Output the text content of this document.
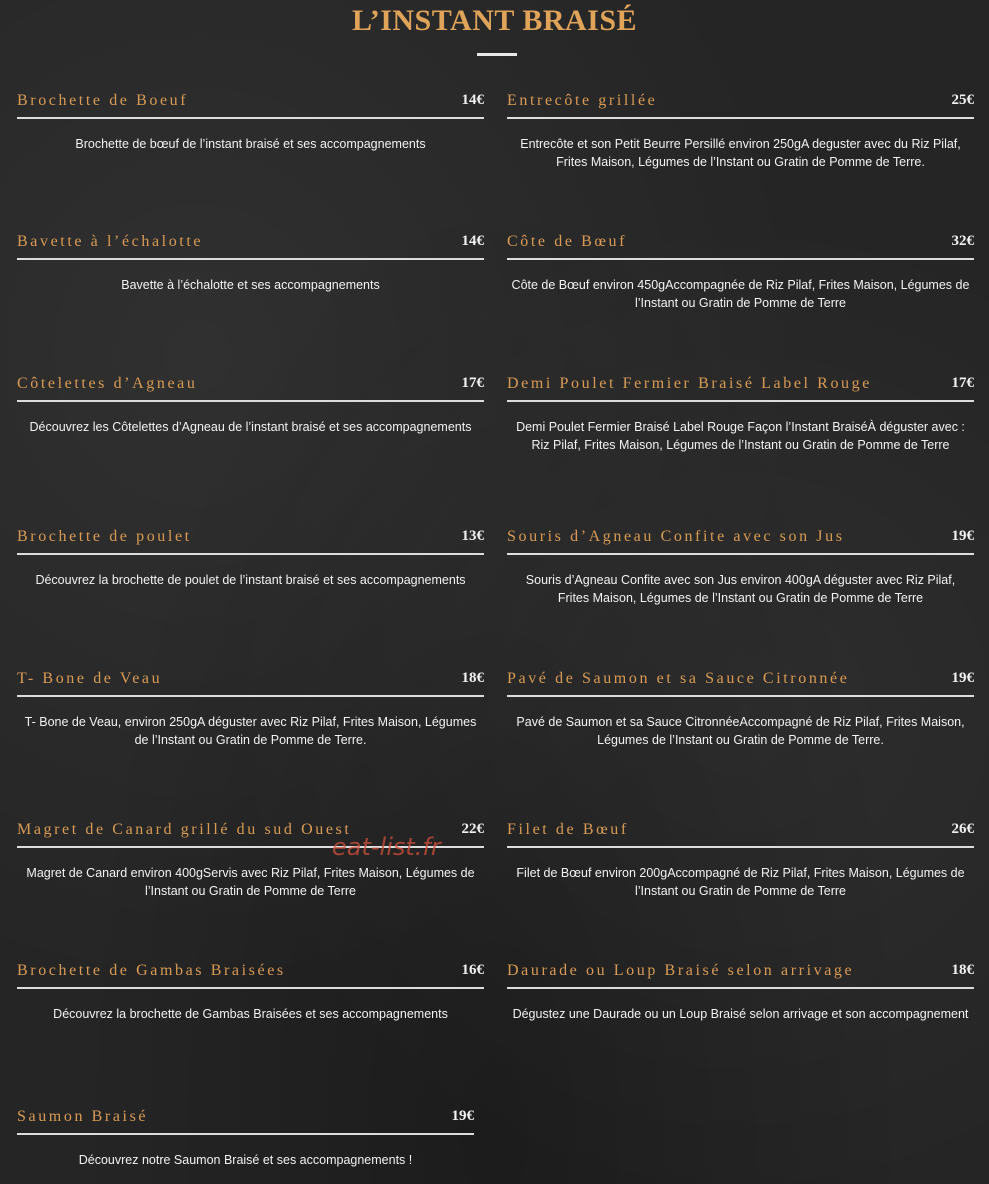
L’INSTANT BRAISÉ
Brochette de Boeuf	14€
Brochette de bœuf de l’instant braisé et ses accompagnements
Bavette à l’échalotte	14€
Bavette à l’échalotte et ses accompagnements
Côtelettes d’Agneau	17€
Découvrez les Côtelettes d’Agneau de l’instant braisé et ses accompagnements
Brochette de poulet	13€
Découvrez la brochette de poulet de l’instant braisé et ses accompagnements
T- Bone de Veau	18€
T- Bone de Veau, environ 250gA déguster avec Riz Pilaf, Frites Maison, Légumes de l’Instant ou Gratin de Pomme de Terre.
Magret de Canard grillé du sud Ouest	22€
Magret de Canard environ 400gServis avec Riz Pilaf, Frites Maison, Légumes de l’Instant ou Gratin de Pomme de Terre
Brochette de Gambas Braisées	16€
Découvrez la brochette de Gambas Braisées et ses accompagnements
Saumon Braisé	19€
Découvrez notre Saumon Braisé et ses accompagnements !
Entrecôte grillée	25€
Entrecôte et son Petit Beurre Persillé environ 250gA deguster avec du Riz Pilaf, Frites Maison, Légumes de l’Instant ou Gratin de Pomme de Terre.
Côte de Bœuf	32€
Côte de Bœuf environ 450gAccompagnée de Riz Pilaf, Frites Maison, Légumes de l’Instant ou Gratin de Pomme de Terre
Demi Poulet Fermier Braisé Label Rouge	17€
Demi Poulet Fermier Braisé Label Rouge Façon l’Instant BraiséÀ déguster avec : Riz Pilaf, Frites Maison, Légumes de l’Instant ou Gratin de Pomme de Terre
Souris d’Agneau Confite avec son Jus	19€
Souris d’Agneau Confite avec son Jus environ 400gA déguster avec Riz Pilaf, Frites Maison, Légumes de l’Instant ou Gratin de Pomme de Terre
Pavé de Saumon et sa Sauce Citronnée	19€
Pavé de Saumon et sa Sauce CitronnéeAccompagné de Riz Pilaf, Frites Maison, Légumes de l’Instant ou Gratin de Pomme de Terre.
Filet de Bœuf	26€
Filet de Bœuf environ 200gAccompagné de Riz Pilaf, Frites Maison, Légumes de l’Instant ou Gratin de Pomme de Terre
Daurade ou Loup Braisé selon arrivage	18€
Dégustez une Daurade ou un Loup Braisé selon arrivage et son accompagnement
eat-list.fr
